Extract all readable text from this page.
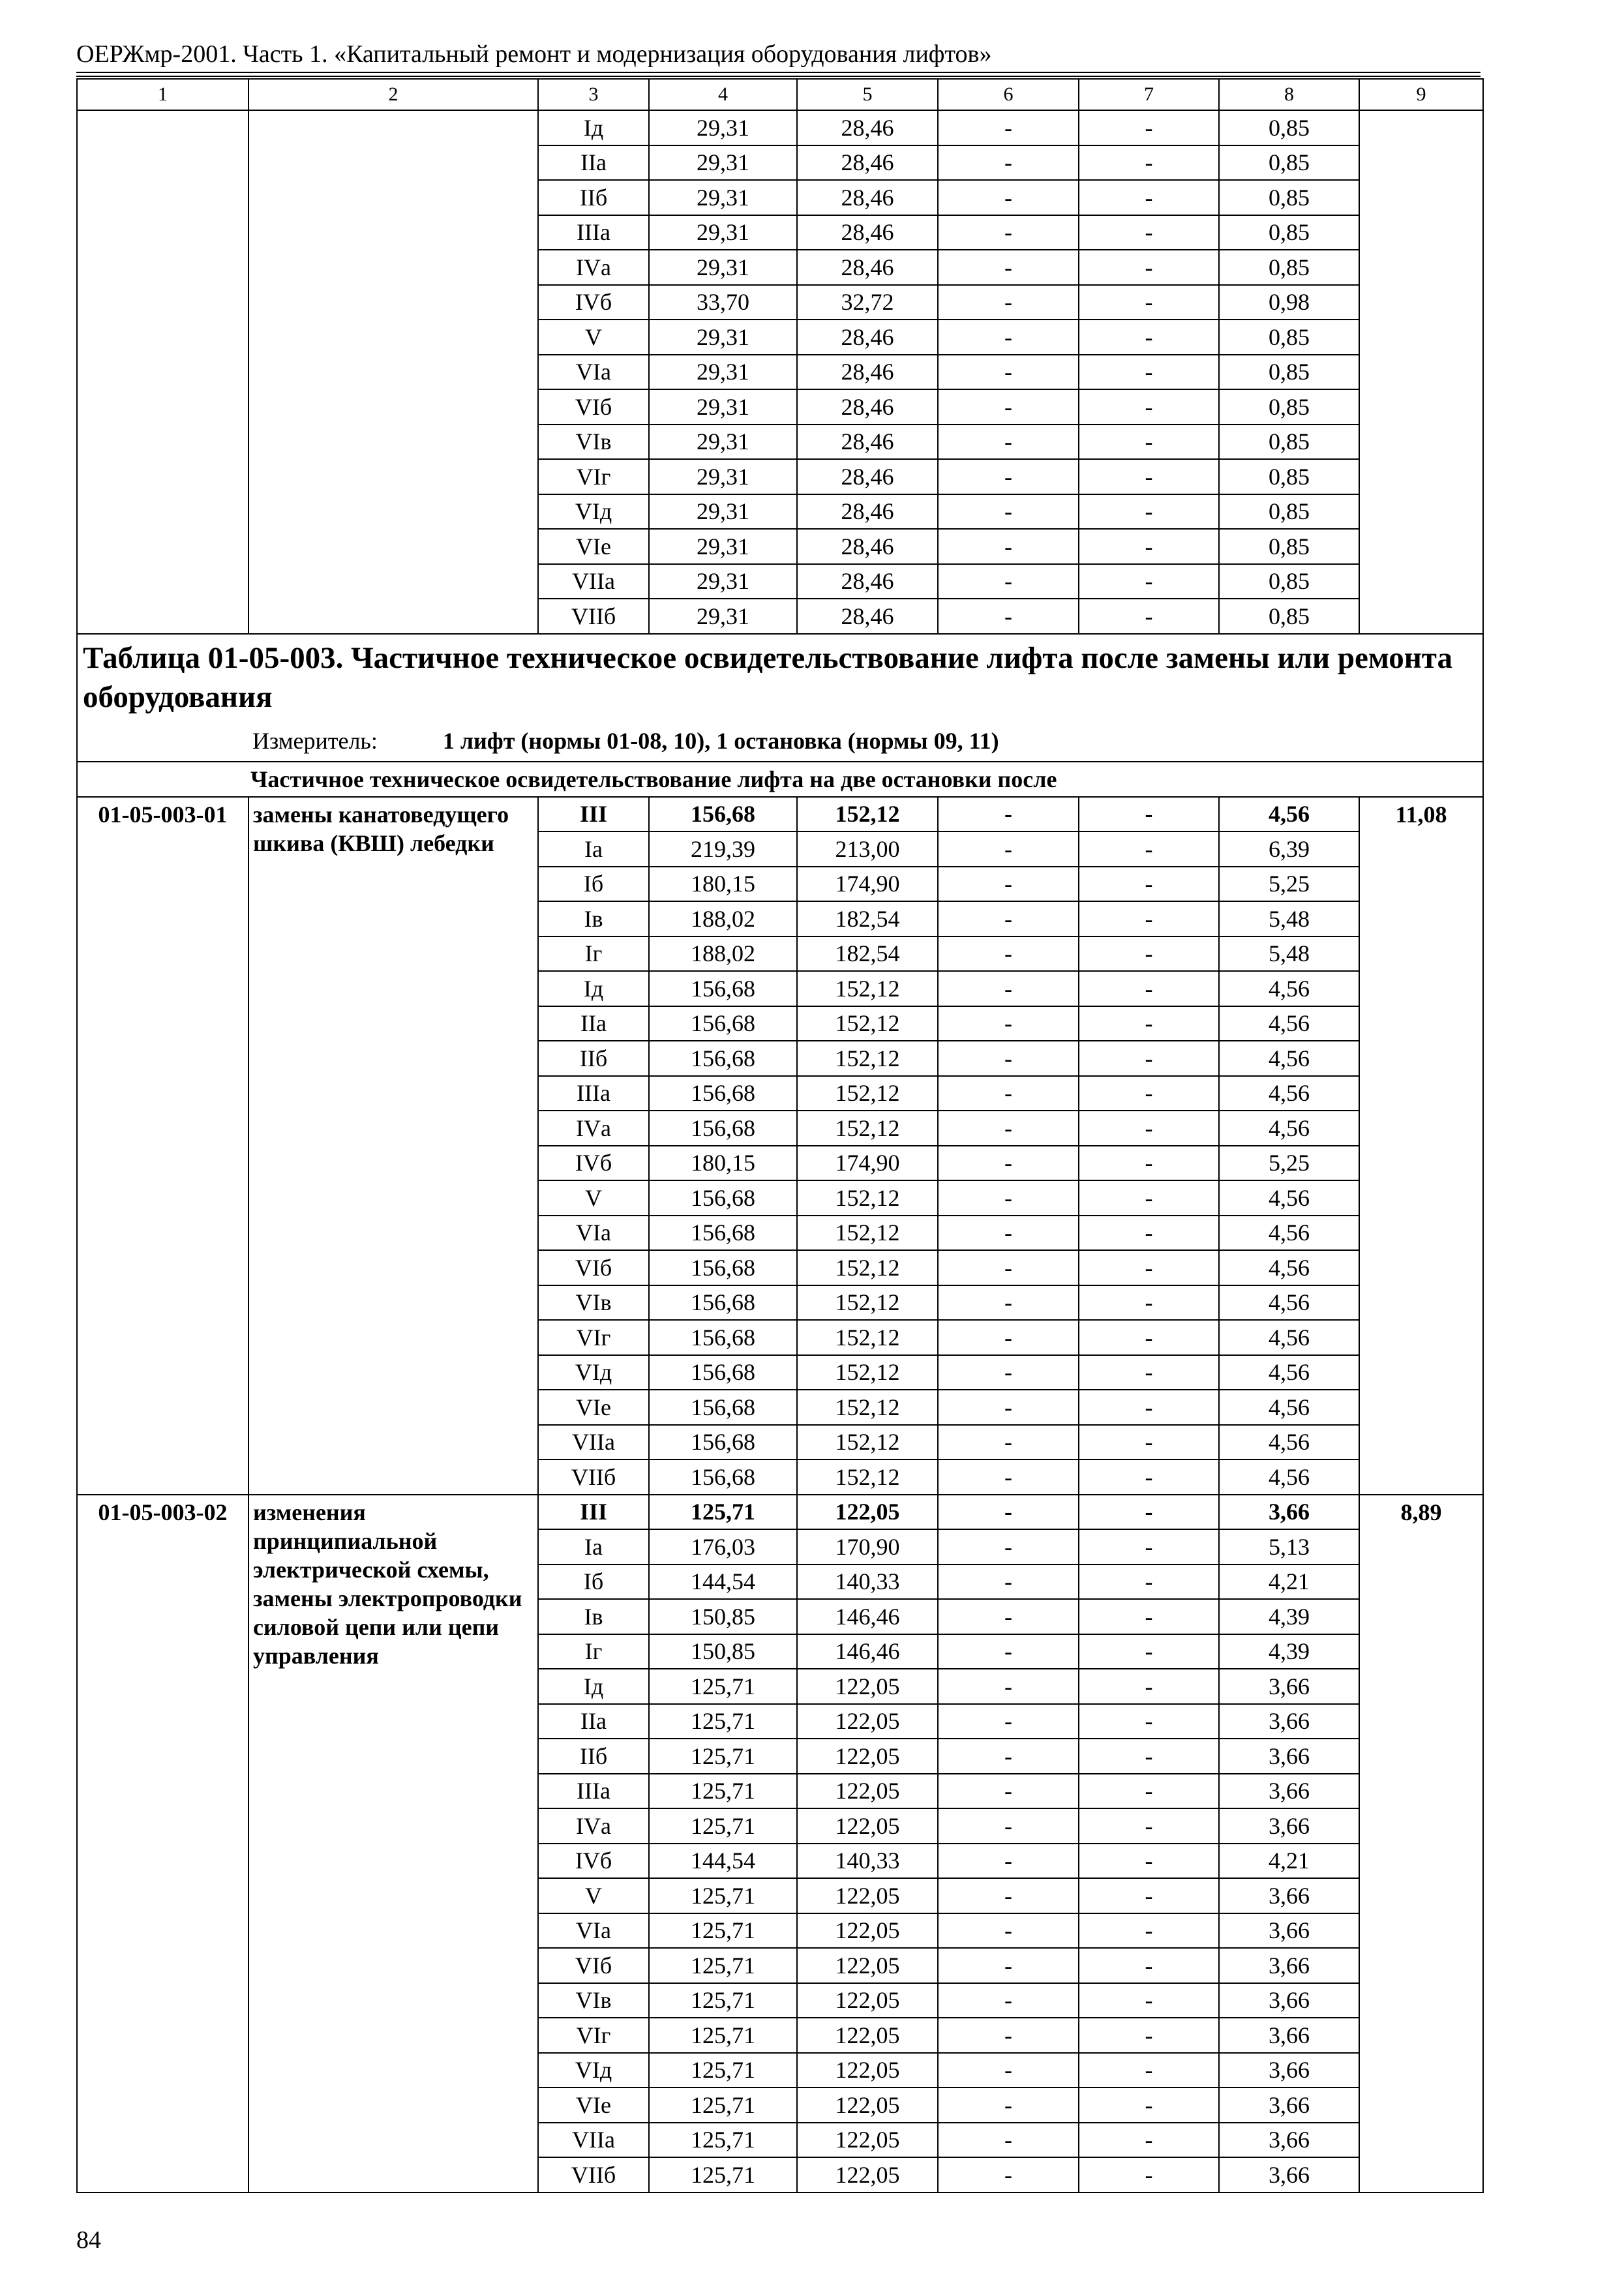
ОЕРЖмр-2001. Часть 1. «Капитальный ремонт и модернизация оборудования лифтов»
1	2	3	4	5	6	7	8	9
		Iд	29,31	28,46	-	-	0,85	
		IIа	29,31	28,46	-	-	0,85	
		IIб	29,31	28,46	-	-	0,85	
		IIIа	29,31	28,46	-	-	0,85	
		IVа	29,31	28,46	-	-	0,85	
		IVб	33,70	32,72	-	-	0,98	
		V	29,31	28,46	-	-	0,85	
		VIа	29,31	28,46	-	-	0,85	
		VIб	29,31	28,46	-	-	0,85	
		VIв	29,31	28,46	-	-	0,85	
		VIг	29,31	28,46	-	-	0,85	
		VIд	29,31	28,46	-	-	0,85	
		VIе	29,31	28,46	-	-	0,85	
		VIIа	29,31	28,46	-	-	0,85	
		VIIб	29,31	28,46	-	-	0,85	

Таблица 01-05-003. Частичное техническое освидетельствование лифта после замены или ремонта оборудования
Измеритель: 1 лифт (нормы 01-08, 10), 1 остановка (нормы 09, 11)								

Частичное техническое освидетельствование лифта на две остановки после								
01-05-003-01	замены канатоведущего шкива (КВШ) лебедки	III	156,68	152,12	-	-	4,56	11,08
		Iа	219,39	213,00	-	-	6,39	
		Iб	180,15	174,90	-	-	5,25	
		Iв	188,02	182,54	-	-	5,48	
		Iг	188,02	182,54	-	-	5,48	
		Iд	156,68	152,12	-	-	4,56	
		IIа	156,68	152,12	-	-	4,56	
		IIб	156,68	152,12	-	-	4,56	
		IIIа	156,68	152,12	-	-	4,56	
		IVа	156,68	152,12	-	-	4,56	
		IVб	180,15	174,90	-	-	5,25	
		V	156,68	152,12	-	-	4,56	
		VIа	156,68	152,12	-	-	4,56	
		VIб	156,68	152,12	-	-	4,56	
		VIв	156,68	152,12	-	-	4,56	
		VIг	156,68	152,12	-	-	4,56	
		VIд	156,68	152,12	-	-	4,56	
		VIе	156,68	152,12	-	-	4,56	
		VIIа	156,68	152,12	-	-	4,56	
		VIIб	156,68	152,12	-	-	4,56	
01-05-003-02	изменения принципиальной электрической схемы, замены электропроводки силовой цепи или цепи управления	III	125,71	122,05	-	-	3,66	8,89
		Iа	176,03	170,90	-	-	5,13	
		Iб	144,54	140,33	-	-	4,21	
		Iв	150,85	146,46	-	-	4,39	
		Iг	150,85	146,46	-	-	4,39	
		Iд	125,71	122,05	-	-	3,66	
		IIа	125,71	122,05	-	-	3,66	
		IIб	125,71	122,05	-	-	3,66	
		IIIа	125,71	122,05	-	-	3,66	
		IVа	125,71	122,05	-	-	3,66	
		IVб	144,54	140,33	-	-	4,21	
		V	125,71	122,05	-	-	3,66	
		VIа	125,71	122,05	-	-	3,66	
		VIб	125,71	122,05	-	-	3,66	
		VIв	125,71	122,05	-	-	3,66	
		VIг	125,71	122,05	-	-	3,66	
		VIд	125,71	122,05	-	-	3,66	
		VIе	125,71	122,05	-	-	3,66	
		VIIа	125,71	122,05	-	-	3,66	
		VIIб	125,71	122,05	-	-	3,66	
84
